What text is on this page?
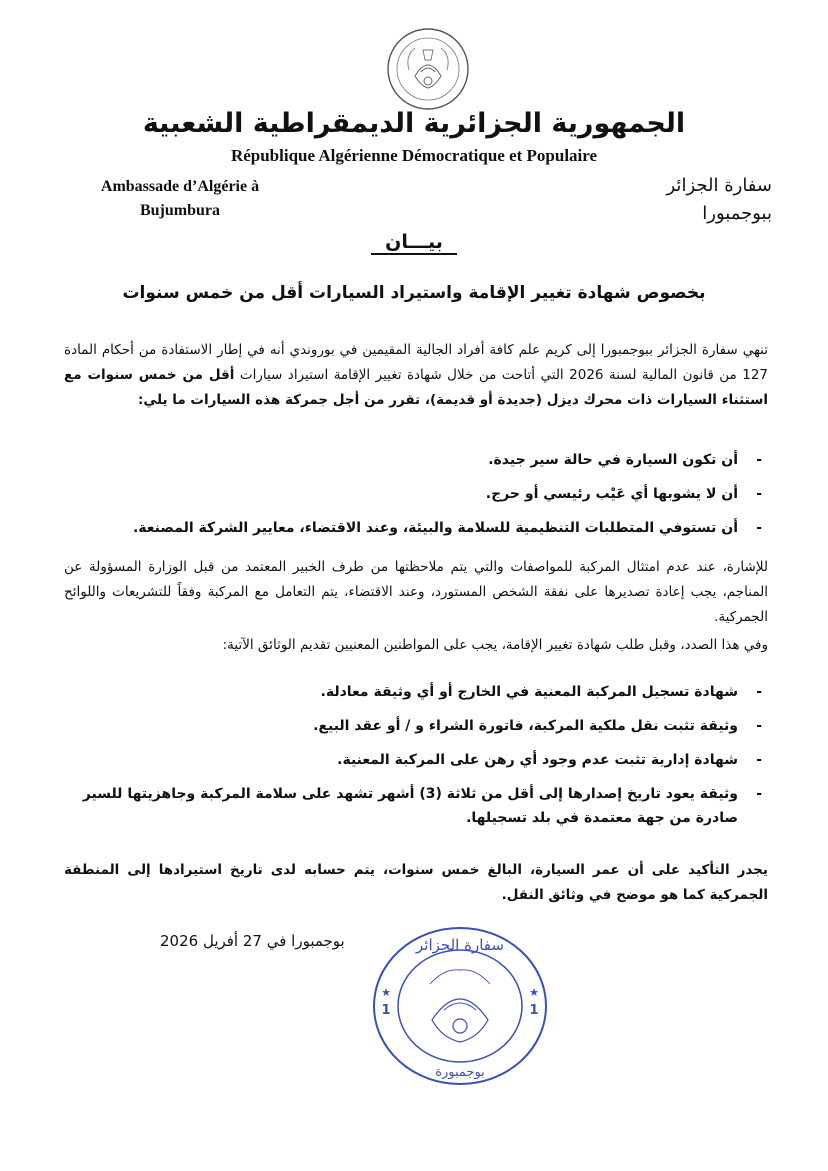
الجمهورية الجزائرية الديمقراطية الشعبية
République Algérienne Démocratique et Populaire
Ambassade d’Algérie à
Bujumbura
سفارة الجزائر
ببوجمبورا
بيـــان
بخصوص شهادة تغيير الإقامة واستيراد السيارات أقل من خمس سنوات
تنهي سفارة الجزائر ببوجمبورا إلى كريم علم كافة أفراد الجالية المقيمين في بوروندي أنه في إطار الاستفادة من أحكام المادة 127 من قانون المالية لسنة 2026 التي أتاحت من خلال شهادة تغيير الإقامة استيراد سيارات أقل من خمس سنوات مع استثناء السيارات ذات محرك ديزل (جديدة أو قديمة)، تقرر من أجل جمركة هذه السيارات ما يلي:
- أن تكون السيارة في حالة سير جيدة.
- أن لا يشوبها أي عَيْب رئيسي أو حرج.
- أن تستوفي المتطلبات التنظيمية للسلامة والبيئة، وعند الاقتضاء، معايير الشركة المصنعة.
للإشارة، عند عدم امتثال المركبة للمواصفات والتي يتم ملاحظتها من طرف الخبير المعتمد من قبل الوزارة المسؤولة عن المناجم، يجب إعادة تصديرها على نفقة الشخص المستورد، وعند الاقتضاء، يتم التعامل مع المركبة وفقاً للتشريعات واللوائح الجمركية.
وفي هذا الصدد، وقبل طلب شهادة تغيير الإقامة، يجب على المواطنين المعنيين تقديم الوثائق الآتية:
- شهادة تسجيل المركبة المعنية في الخارج أو أي وثيقة معادلة.
- وثيقة تثبت نقل ملكية المركبة، فاتورة الشراء و / أو عقد البيع.
- شهادة إدارية تثبت عدم وجود أي رهن على المركبة المعنية.
- وثيقة يعود تاريخ إصدارها إلى أقل من ثلاثة (3) أشهر تشهد على سلامة المركبة وجاهزيتها للسير صادرة من جهة معتمدة في بلد تسجيلها.
يجدر التأكيد على أن عمر السيارة، البالغ خمس سنوات، يتم حسابه لدى تاريخ استيرادها إلى المنطقة الجمركية كما هو موضح في وثائق النقل.
بوجمبورا في 27 أفريل 2026	سفارة الجزائر
بوجمبورة
1	1
★	★
